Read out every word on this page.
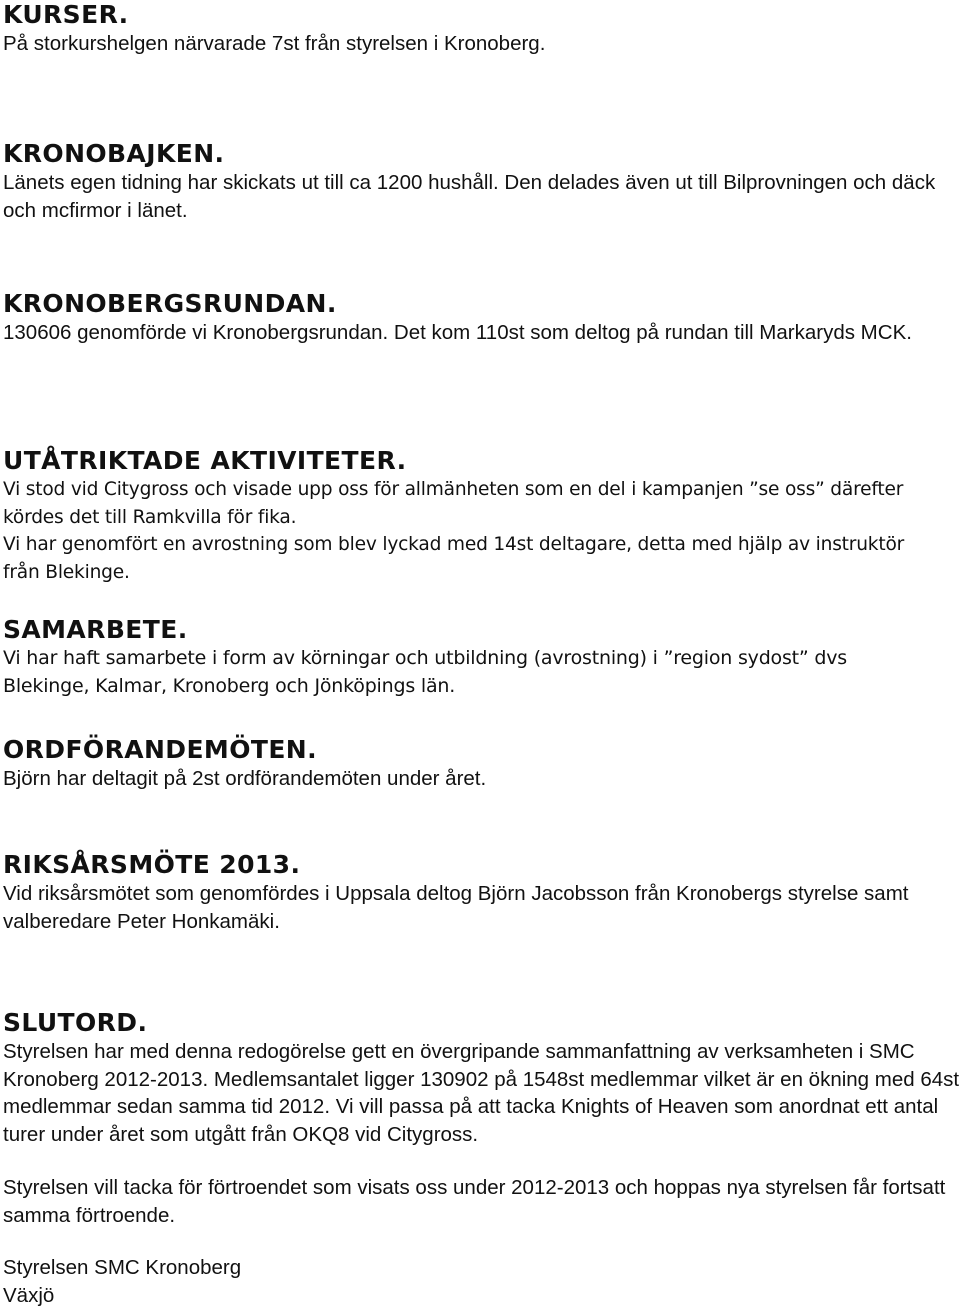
KURSER.

På storkurshelgen närvarade 7st från styrelsen i Kronoberg.

KRONOBAJKEN.

Länets egen tidning har skickats ut till ca 1200 hushåll. Den delades även ut till Bilprovningen och däck och mcfirmor i länet.

KRONOBERGSRUNDAN.

130606 genomförde vi Kronobergsrundan. Det kom 110st som deltog på rundan till Markaryds MCK.

UTÅTRIKTADE AKTIVITETER.

Vi stod vid Citygross och visade upp oss för allmänheten som en del i kampanjen ”se oss” därefter kördes det till Ramkvilla för fika.

Vi har genomfört en avrostning som blev lyckad med 14st deltagare, detta med hjälp av instruktör från Blekinge.

SAMARBETE.

Vi har haft samarbete i form av körningar och utbildning (avrostning) i ”region sydost” dvs Blekinge, Kalmar, Kronoberg och Jönköpings län.

ORDFÖRANDEMÖTEN.

Björn har deltagit på 2st ordförandemöten under året.

RIKSÅRSMÖTE 2013.

Vid riksårsmötet som genomfördes i Uppsala deltog Björn Jacobsson från Kronobergs styrelse samt valberedare Peter Honkamäki.

SLUTORD.

Styrelsen har med denna redogörelse gett en övergripande sammanfattning av verksamheten i SMC Kronoberg 2012-2013. Medlemsantalet ligger 130902 på 1548st medlemmar vilket är en ökning med 64st medlemmar sedan samma tid 2012. Vi vill passa på att tacka Knights of Heaven som anordnat ett antal turer under året som utgått från OKQ8 vid Citygross.

Styrelsen vill tacka för förtroendet som visats oss under 2012-2013 och hoppas nya styrelsen får fortsatt samma förtroende.

Styrelsen SMC Kronoberg

Växjö
